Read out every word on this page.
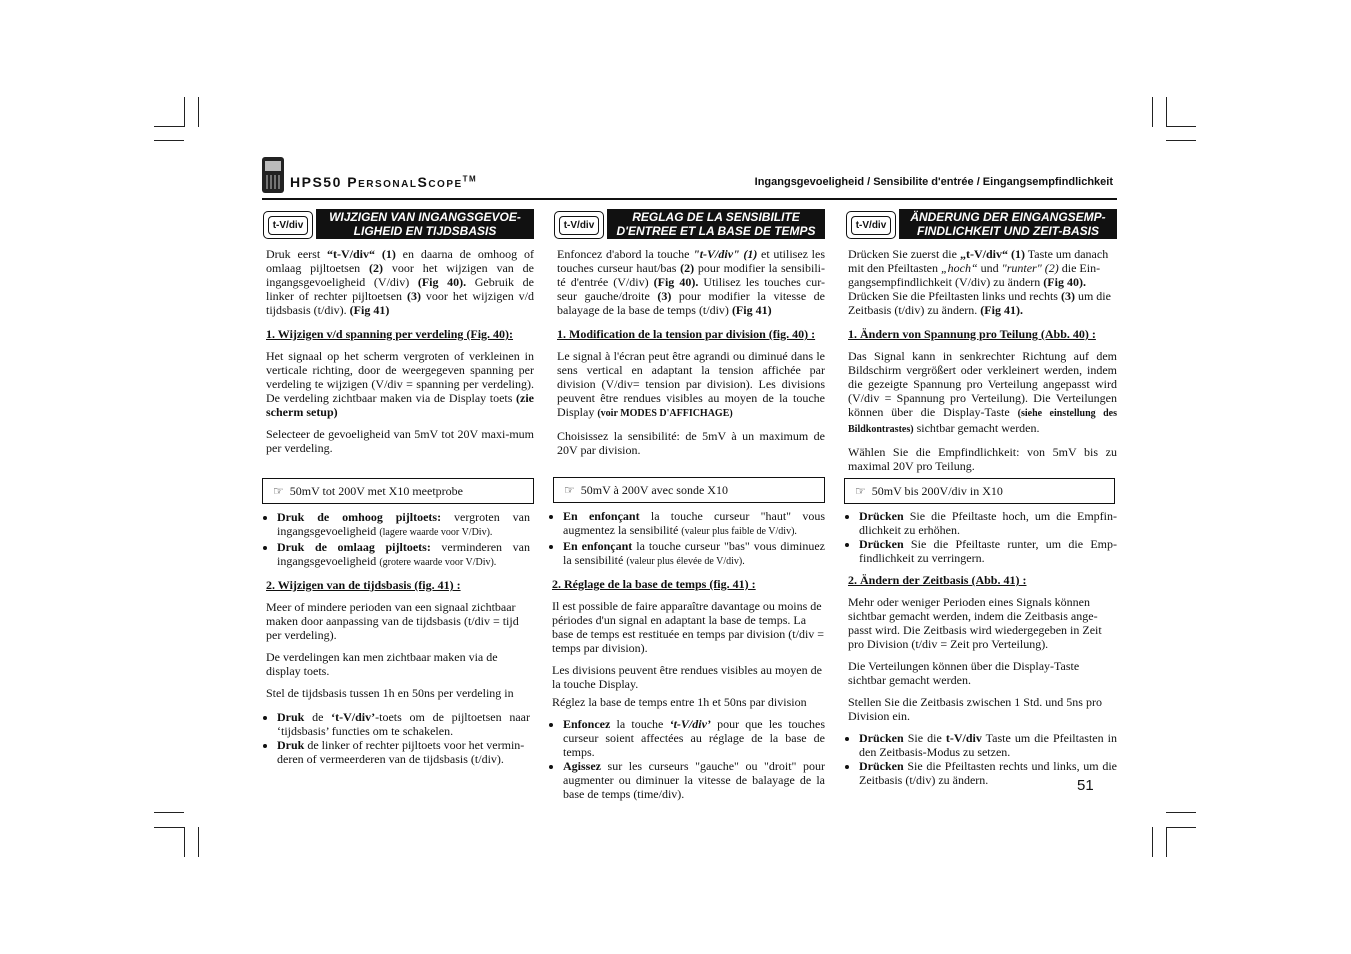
HPS50 PersonalScope™	Ingangsgevoeligheid / Sensibilite d'entrée / Eingangsempfindlichkeit
t-V/div
WIJZIGEN VAN INGANGSGEVOE-LIGHEID EN TIJDSBASIS

Druk eerst “t-V/div“ (1) en daarna de omhoog of omlaag pijltoetsen (2) voor het wijzigen van de ingangsgevoeligheid (V/div) (Fig 40). Gebruik de linker of rechter pijltoetsen (3) voor het wijzigen v/d tijdsbasis (t/div). (Fig 41)

1. Wijzigen v/d spanning per verdeling (Fig. 40):

Het signaal op het scherm vergroten of verkleinen in verticale richting, door de weergegeven spanning per verdeling te wijzigen (V/div = spanning per verdeling). De verdeling zichtbaar maken via de Display toets (zie scherm setup)

Selecteer de gevoeligheid van 5mV tot 20V maxi-mum per verdeling.

☞ 50mV tot 200V met X10 meetprobe
• Druk de omhoog pijltoets: vergroten van ingangsgevoeligheid (lagere waarde voor V/Div).
• Druk de omlaag pijltoets: verminderen van ingangsgevoeligheid (grotere waarde voor V/Div).

2. Wijzigen van de tijdsbasis (fig. 41) :

Meer of mindere perioden van een signaal zichtbaar maken door aanpassing van de tijdsbasis (t/div = tijd per verdeling).

De verdelingen kan men zichtbaar maken via de display toets.

Stel de tijdsbasis tussen 1h en 50ns per verdeling in

• Druk de ‘t-V/div’-toets om de pijltoetsen naar ‘tijdsbasis’ functies om te schakelen.
• Druk de linker of rechter pijltoets voor het vermin-deren of vermeerderen van de tijdsbasis (t/div).
t-V/div
REGLAG DE LA SENSIBILITE D'ENTREE ET LA BASE DE TEMPS

Enfoncez d'abord la touche "t-V/div" (1) et utilisez les touches curseur haut/bas (2) pour modifier la sensibili-té d'entrée (V/div) (Fig 40). Utilisez les touches cur-seur gauche/droite (3) pour modifier la vitesse de balayage de la base de temps (t/div) (Fig 41)

1. Modification de la tension par division (fig. 40) :

Le signal à l'écran peut être agrandi ou diminué dans le sens vertical en adaptant la tension affichée par division (V/div= tension par division). Les divisions peuvent être rendues visibles au moyen de la touche Display (voir MODES D'AFFICHAGE)

Choisissez la sensibilité: de 5mV à un maximum de 20V par division.

☞ 50mV à 200V avec sonde X10
• En enfonçant la touche curseur "haut" vous augmentez la sensibilité (valeur plus faible de V/div).
• En enfonçant la touche curseur "bas" vous diminuez la sensibilité (valeur plus élevée de V/div).

2. Réglage de la base de temps (fig. 41) :

Il est possible de faire apparaître davantage ou moins de périodes d'un signal en adaptant la base de temps. La base de temps est restituée en temps par division (t/div = temps par division).

Les divisions peuvent être rendues visibles au moyen de la touche Display.

Réglez la base de temps entre 1h et 50ns par division

• Enfoncez la touche ‘t-V/div’ pour que les touches curseur soient affectées au réglage de la base de temps.
• Agissez sur les curseurs "gauche" ou "droit" pour augmenter ou diminuer la vitesse de balayage de la base de temps (time/div).
t-V/div
ÄNDERUNG DER EINGANGSEMP-FINDLICHKEIT UND ZEIT-BASIS

Drücken Sie zuerst die „t-V/div“ (1) Taste um danach mit den Pfeiltasten „hoch“ und "runter" (2) die Ein-gangsempfindlichkeit (V/div) zu ändern (Fig 40). Drücken Sie die Pfeiltasten links und rechts (3) um die Zeitbasis (t/div) zu ändern. (Fig 41).

1. Ändern von Spannung pro Teilung (Abb. 40) :

Das Signal kann in senkrechter Richtung auf dem Bildschirm vergrößert oder verkleinert werden, indem die gezeigte Spannung pro Verteilung angepasst wird (V/div = Spannung pro Verteilung). Die Verteilungen können über die Display-Taste (siehe einstellung des Bildkontrastes) sichtbar gemacht werden.

Wählen Sie die Empfindlichkeit: von 5mV bis zu maximal 20V pro Teilung.

☞ 50mV bis 200V/div in X10
• Drücken Sie die Pfeiltaste hoch, um die Empfin-dlichkeit zu erhöhen.
• Drücken Sie die Pfeiltaste runter, um die Emp-findlichkeit zu verringern.

2. Ändern der Zeitbasis (Abb. 41) :

Mehr oder weniger Perioden eines Signals können sichtbar gemacht werden, indem die Zeitbasis ange-passt wird. Die Zeitbasis wird wiedergegeben in Zeit pro Division (t/div = Zeit pro Verteilung).

Die Verteilungen können über die Display-Taste sichtbar gemacht werden.

Stellen Sie die Zeitbasis zwischen 1 Std. und 5ns pro Division ein.

• Drücken Sie die t-V/div Taste um die Pfeiltasten in den Zeitbasis-Modus zu setzen.
• Drücken Sie die Pfeiltasten rechts und links, um die Zeitbasis (t/div) zu ändern.	51
